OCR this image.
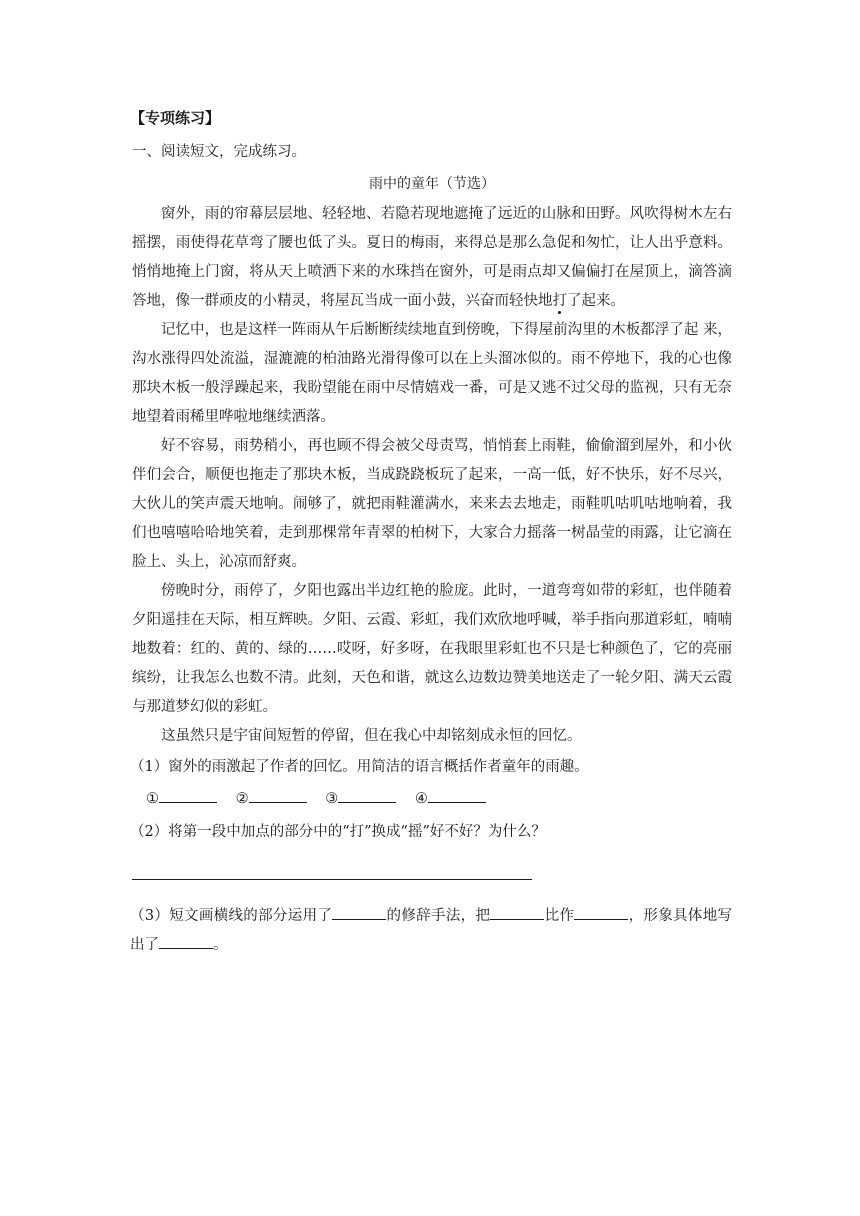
【专项练习】
一、阅读短文，完成练习。
雨中的童年（节选）

窗外，雨的帘幕层层地、轻轻地、若隐若现地遮掩了远近的山脉和田野。风吹得树木左右摇摆，雨使得花草弯了腰也低了头。夏日的梅雨，来得总是那么急促和匆忙，让人出乎意料。悄悄地掩上门窗，将从天上喷洒下来的水珠挡在窗外，可是雨点却又偏偏打在屋顶上，滴答滴答地，像一群顽皮的小精灵，将屋瓦当成一面小鼓，兴奋而轻快地打了起来。

记忆中，也是这样一阵雨从午后断断续续地直到傍晚，下得屋前沟里的木板都浮了起 来，沟水涨得四处流溢，湿漉漉的柏油路光滑得像可以在上头溜冰似的。雨不停地下，我的心也像那块木板一般浮躁起来，我盼望能在雨中尽情嬉戏一番，可是又逃不过父母的监视，只有无奈地望着雨稀里哗啦地继续洒落。

好不容易，雨势稍小，再也顾不得会被父母责骂，悄悄套上雨鞋，偷偷溜到屋外，和小伙伴们会合，顺便也拖走了那块木板，当成跷跷板玩了起来，一高一低，好不快乐，好不尽兴，大伙儿的笑声震天地响。闹够了，就把雨鞋灌满水，来来去去地走，雨鞋叽咕叽咕地响着，我们也嘻嘻哈哈地笑着，走到那棵常年青翠的柏树下，大家合力摇落一树晶莹的雨露，让它滴在脸上、头上，沁凉而舒爽。

傍晚时分，雨停了，夕阳也露出半边红艳的脸庞。此时，一道弯弯如带的彩虹，也伴随着夕阳遥挂在天际，相互辉映。夕阳、云霞、彩虹，我们欢欣地呼喊，举手指向那道彩虹，喃喃地数着：红的、黄的、绿的……哎呀，好多呀，在我眼里彩虹也不只是七种颜色了，它的亮丽缤纷，让我怎么也数不清。此刻，天色和谐，就这么边数边赞美地送走了一轮夕阳、满天云霞与那道梦幻似的彩虹。

这虽然只是宇宙间短暂的停留，但在我心中却铭刻成永恒的回忆。

（1）窗外的雨激起了作者的回忆。用简洁的语言概括作者童年的雨趣。
①	②	③	④
（2）将第一段中加点的部分中的“打”换成“摇”好不好？为什么？
（3）短文画横线的部分运用了	的修辞手法，把	比作	，形象具体地写出了	。
